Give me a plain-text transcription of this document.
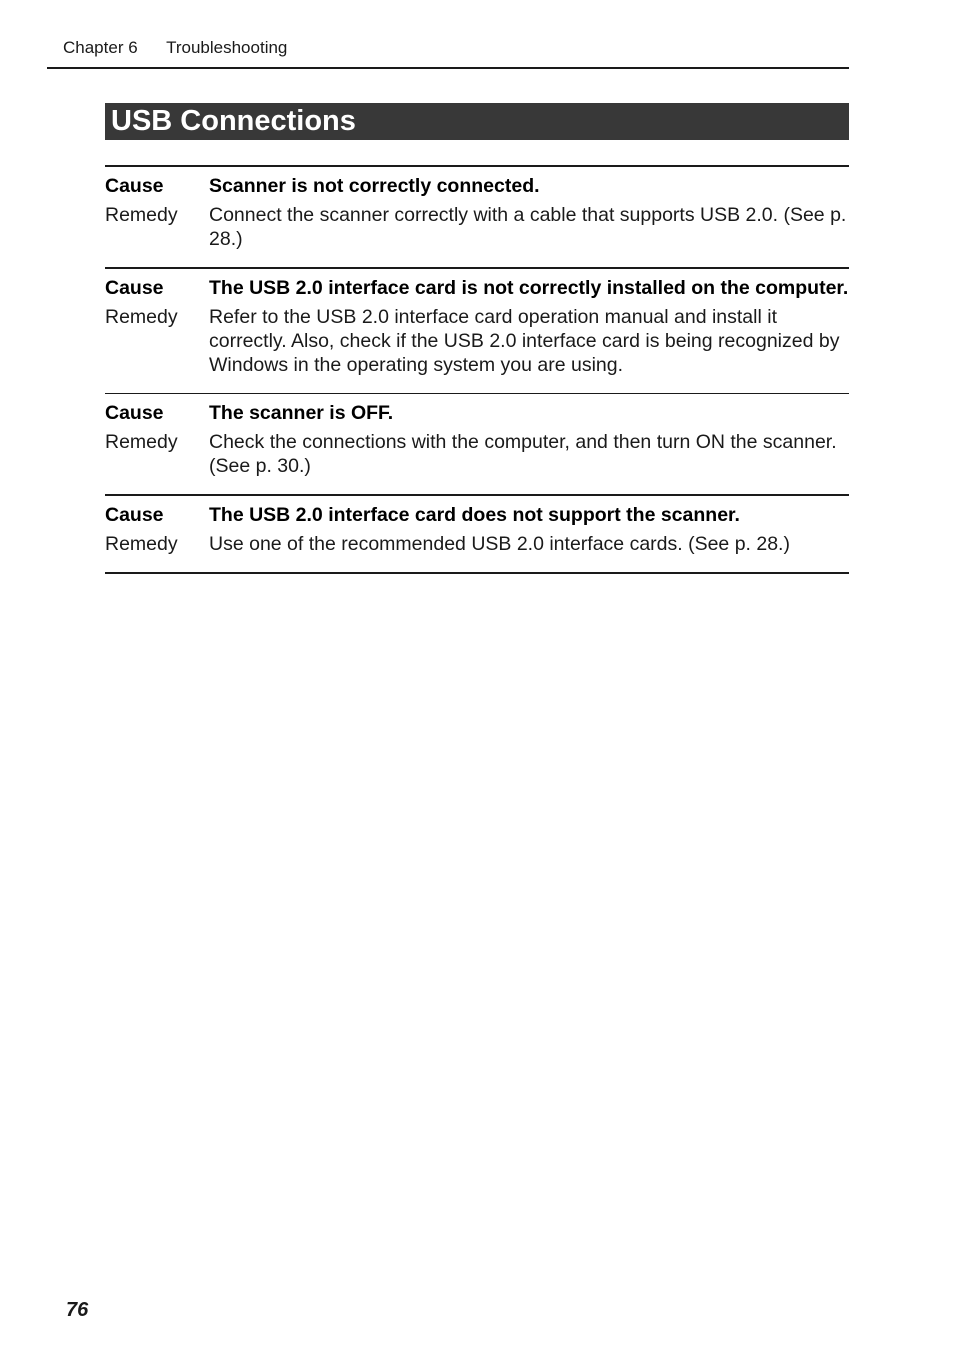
Chapter 6 Troubleshooting
USB Connections
Cause	Scanner is not correctly connected.
Remedy	Connect the scanner correctly with a cable that supports USB 2.0. (See p. 28.)
Cause	The USB 2.0 interface card is not correctly installed on the computer.
Remedy	Refer to the USB 2.0 interface card operation manual and install it correctly. Also, check if the USB 2.0 interface card is being recognized by Windows in the operating system you are using.
Cause	The scanner is OFF.
Remedy	Check the connections with the computer, and then turn ON the scanner. (See p. 30.)
Cause	The USB 2.0 interface card does not support the scanner.
Remedy	Use one of the recommended USB 2.0 interface cards. (See p. 28.)
76
